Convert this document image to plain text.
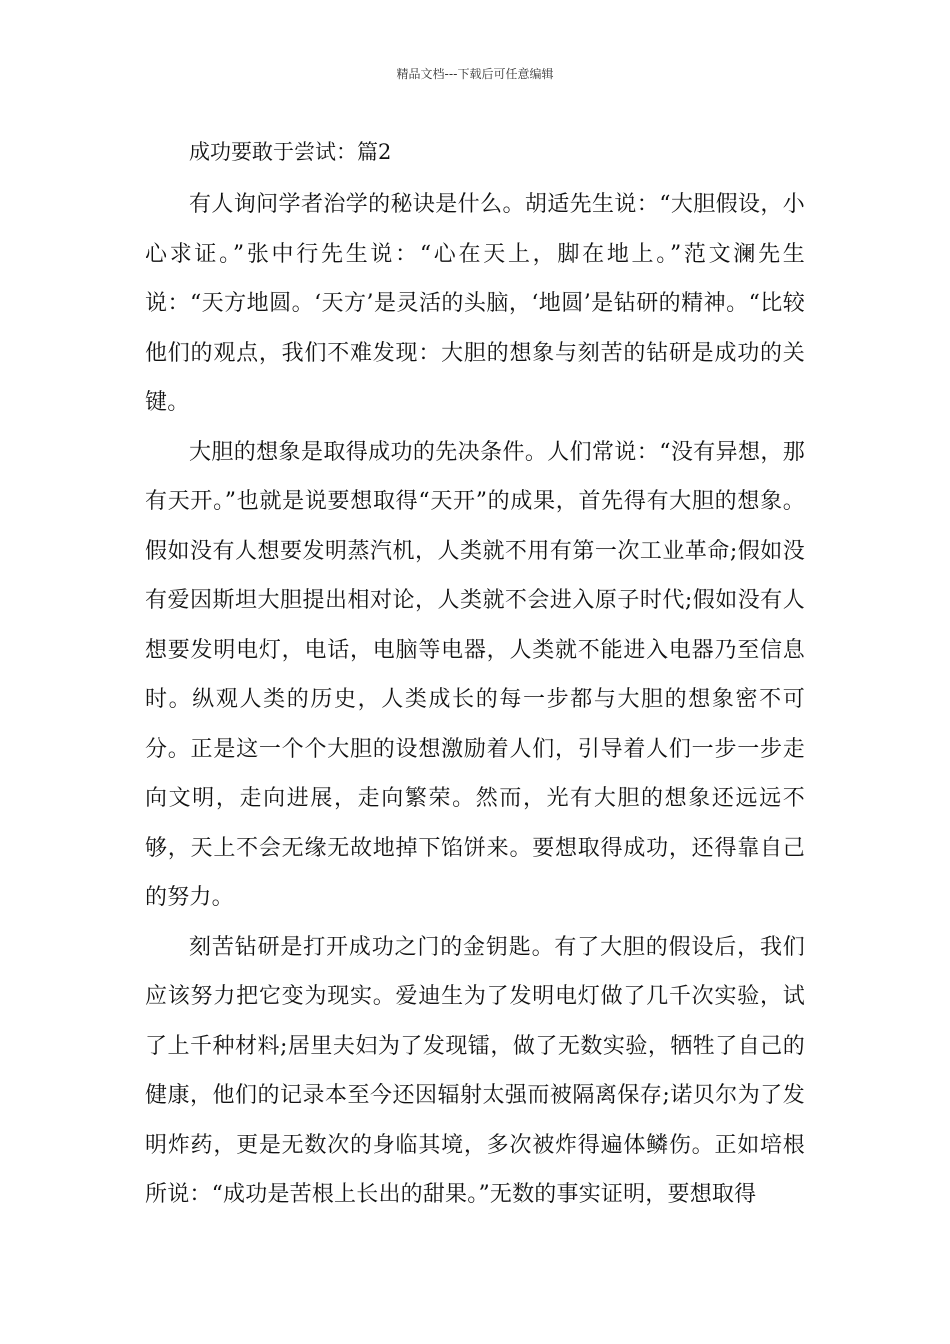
精品文档---下载后可任意编辑
成功要敢于尝试：篇2

有人询问学者治学的秘诀是什么。胡适先生说：“大胆假设，小心求证。”张中行先生说：“心在天上，脚在地上。”范文澜先生说：“天方地圆。‘天方’是灵活的头脑，‘地圆’是钻研的精神。“比较他们的观点，我们不难发现：大胆的想象与刻苦的钻研是成功的关键。

大胆的想象是取得成功的先决条件。人们常说：“没有异想，那有天开。”也就是说要想取得“天开”的成果，首先得有大胆的想象。假如没有人想要发明蒸汽机，人类就不用有第一次工业革命;假如没有爱因斯坦大胆提出相对论，人类就不会进入原子时代;假如没有人想要发明电灯，电话，电脑等电器，人类就不能进入电器乃至信息时。纵观人类的历史，人类成长的每一步都与大胆的想象密不可分。正是这一个个大胆的设想激励着人们，引导着人们一步一步走向文明，走向进展，走向繁荣。然而，光有大胆的想象还远远不够，天上不会无缘无故地掉下馅饼来。要想取得成功，还得靠自己的努力。

刻苦钻研是打开成功之门的金钥匙。有了大胆的假设后，我们应该努力把它变为现实。爱迪生为了发明电灯做了几千次实验，试了上千种材料;居里夫妇为了发现镭，做了无数实验，牺牲了自己的健康，他们的记录本至今还因辐射太强而被隔离保存;诺贝尔为了发明炸药，更是无数次的身临其境，多次被炸得遍体鳞伤。正如培根所说：“成功是苦根上长出的甜果。”无数的事实证明，要想取得
